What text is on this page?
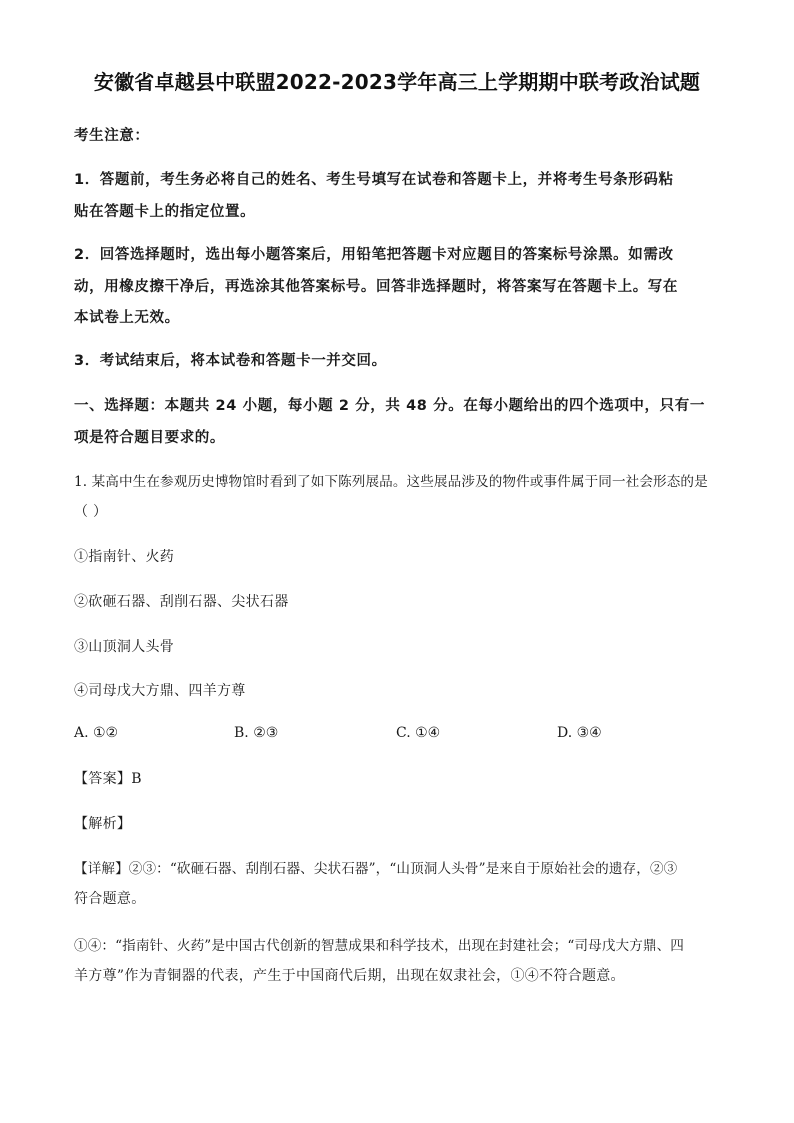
安徽省卓越县中联盟2022-2023学年高三上学期期中联考政治试题
考生注意：
1．答题前，考生务必将自己的姓名、考生号填写在试卷和答题卡上，并将考生号条形码粘
贴在答题卡上的指定位置。
2．回答选择题时，选出每小题答案后，用铅笔把答题卡对应题目的答案标号涂黑。如需改
动，用橡皮擦干净后，再选涂其他答案标号。回答非选择题时，将答案写在答题卡上。写在
本试卷上无效。
3．考试结束后，将本试卷和答题卡一并交回。
一、选择题：本题共 24 小题，每小题 2 分，共 48 分。在每小题给出的四个选项中，只有一
项是符合题目要求的。
1. 某高中生在参观历史博物馆时看到了如下陈列展品。这些展品涉及的物件或事件属于同一社会形态的是
（ ）
①指南针、火药
②砍砸石器、刮削石器、尖状石器
③山顶洞人头骨
④司母戊大方鼎、四羊方尊
A. ①②	B. ②③	C. ①④	D. ③④
【答案】B
【解析】
【详解】②③：“砍砸石器、刮削石器、尖状石器”，“山顶洞人头骨”是来自于原始社会的遗存，②③
符合题意。
①④：“指南针、火药”是中国古代创新的智慧成果和科学技术，出现在封建社会；“司母戊大方鼎、四
羊方尊”作为青铜器的代表，产生于中国商代后期，出现在奴隶社会，①④不符合题意。
